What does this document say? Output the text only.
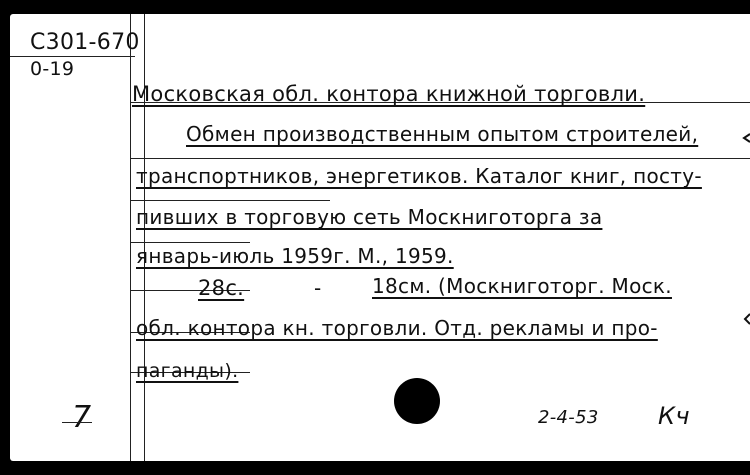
С301-670
0-19
Московская обл. контора книжной торговли.
Обмен производственным опытом строителей,
транспортников, энергетиков. Каталог книг, посту-
пивших в торговую сеть Москниготорга за
январь-июль 1959г. М., 1959.
28с.	-	18см. (Москниготорг. Моск.
обл. контора кн. торговли. Отд. рекламы и про-
паганды).
7	2-4-53 Кч
